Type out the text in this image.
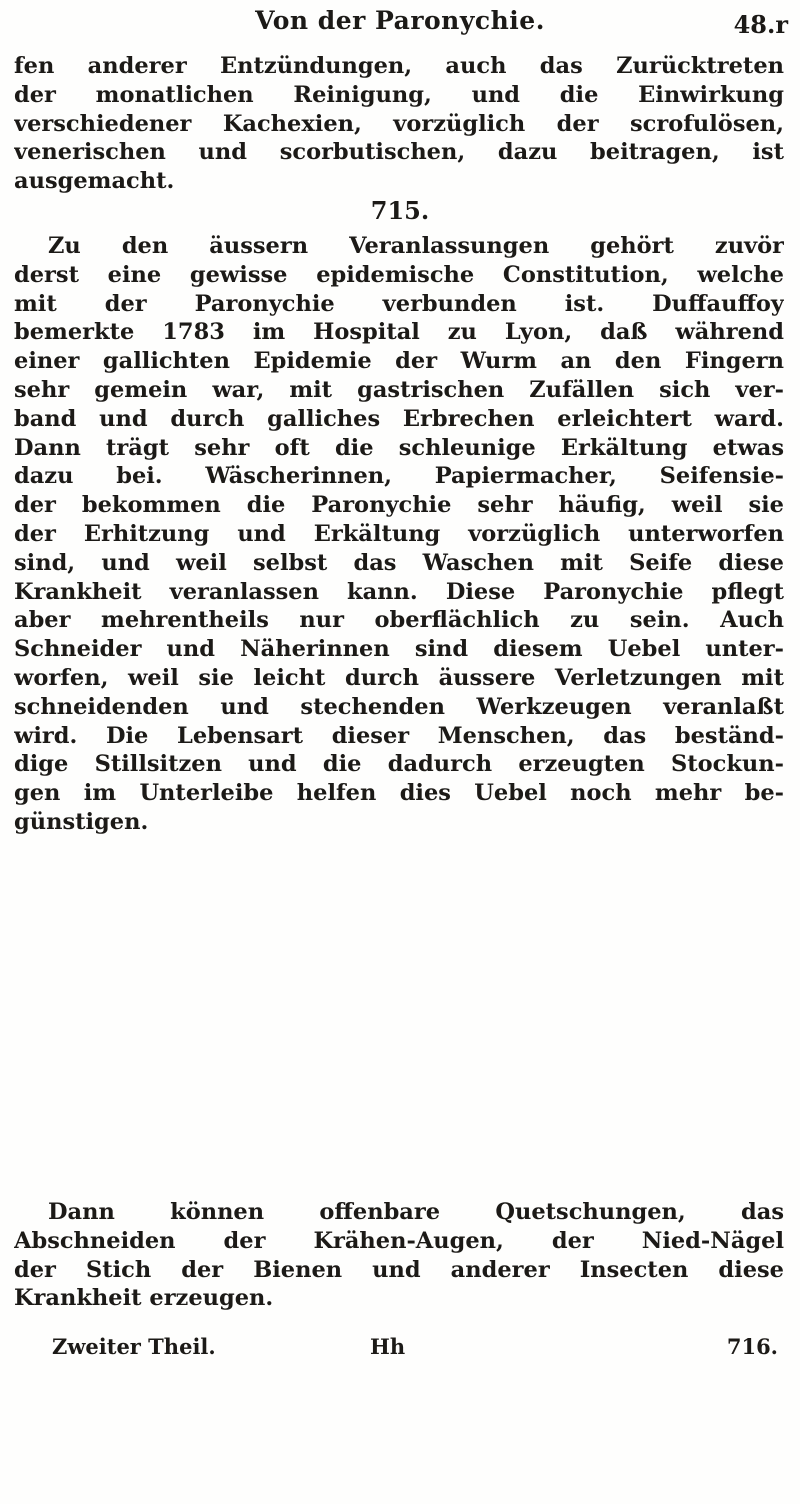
Von der Paronychie.	48.r
fen anderer Entzündungen, auch das Zurücktreten
der monatlichen Reinigung, und die Einwirkung
verschiedener Kachexien, vorzüglich der scrofulösen,
venerischen und scorbutischen, dazu beitragen, ist
ausgemacht.
715.
Zu den äussern Veranlassungen gehört zuvör
derst eine gewisse epidemische Constitution, welche
mit der Paronychie verbunden ist. Duffauffoy
bemerkte 1783 im Hospital zu Lyon, daß während
einer gallichten Epidemie der Wurm an den Fingern
sehr gemein war, mit gastrischen Zufällen sich ver-
band und durch galliches Erbrechen erleichtert ward.
Dann trägt sehr oft die schleunige Erkältung etwas
dazu bei. Wäscherinnen, Papiermacher, Seifensie-
der bekommen die Paronychie sehr häufig, weil sie
der Erhitzung und Erkältung vorzüglich unterworfen
sind, und weil selbst das Waschen mit Seife diese
Krankheit veranlassen kann. Diese Paronychie pflegt
aber mehrentheils nur oberflächlich zu sein. Auch
Schneider und Näherinnen sind diesem Uebel unter-
worfen, weil sie leicht durch äussere Verletzungen mit
schneidenden und stechenden Werkzeugen veranlaßt
wird. Die Lebensart dieser Menschen, das beständ-
dige Stillsitzen und die dadurch erzeugten Stockun-
gen im Unterleibe helfen dies Uebel noch mehr be-
günstigen.
Dann können offenbare Quetschungen, das
Abschneiden der Krähen-Augen, der Nied-Nägel
der Stich der Bienen und anderer Insecten diese
Krankheit erzeugen.
Zweiter Theil.	Hh	716.
